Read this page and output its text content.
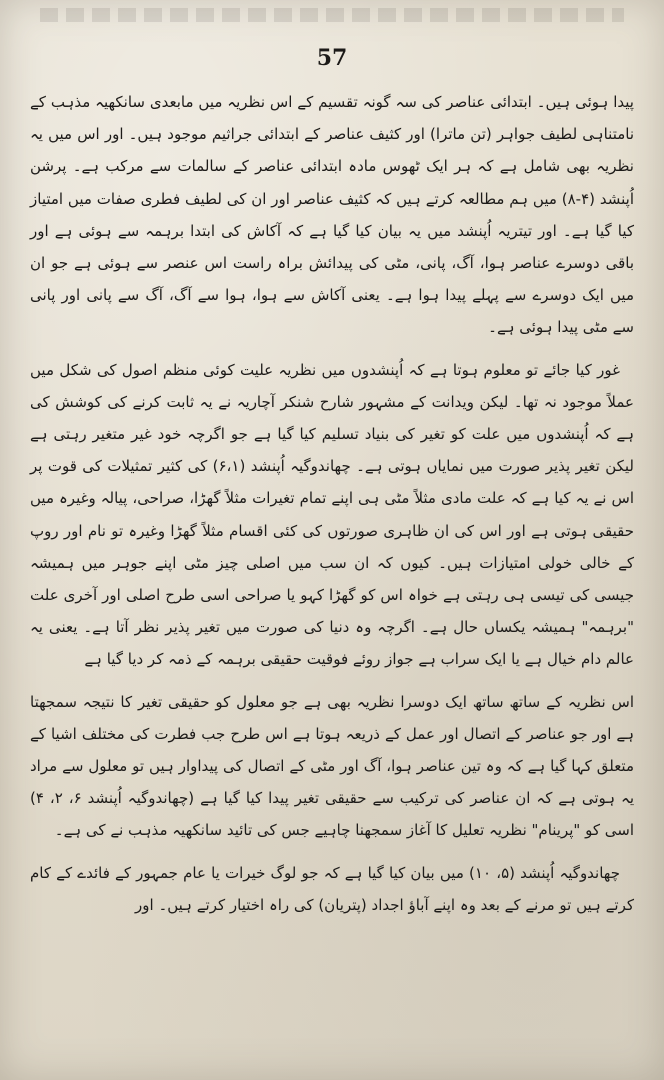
57

پیدا ہوئی ہیں۔ ابتدائی عناصر کی سہ گونہ تقسیم کے اس نظریہ میں مابعدی سانکھیہ مذہب کے نامتناہی لطیف جواہر (تن ماترا) اور کثیف عناصر کے ابتدائی جراثیم موجود ہیں۔ اور اس میں یہ نظریہ بھی شامل ہے کہ ہر ایک ٹھوس مادہ ابتدائی عناصر کے سالمات سے مرکب ہے۔ پرشن اُپنشد (۴-۸) میں ہم مطالعہ کرتے ہیں کہ کثیف عناصر اور ان کی لطیف فطری صفات میں امتیاز کیا گیا ہے۔ اور تیتریہ اُپنشد میں یہ بیان کیا گیا ہے کہ آکاش کی ابتدا برہمہ سے ہوئی ہے اور باقی دوسرے عناصر ہوا، آگ، پانی، مٹی کی پیدائش براہ راست اس عنصر سے ہوئی ہے جو ان میں ایک دوسرے سے پہلے پیدا ہوا ہے۔ یعنی آکاش سے ہوا، ہوا سے آگ، آگ سے پانی اور پانی سے مٹی پیدا ہوئی ہے۔

غور کیا جائے تو معلوم ہوتا ہے کہ اُپنشدوں میں نظریہ علیت کوئی منظم اصول کی شکل میں عملاً موجود نہ تھا۔ لیکن ویدانت کے مشہور شارح شنکر آچاریہ نے یہ ثابت کرنے کی کوشش کی ہے کہ اُپنشدوں میں علت کو تغیر کی بنیاد تسلیم کیا گیا ہے جو اگرچہ خود غیر متغیر رہتی ہے لیکن تغیر پذیر صورت میں نمایاں ہوتی ہے۔ چھاندوگیہ اُپنشد (۶،۱) کی کثیر تمثیلات کی قوت پر اس نے یہ کیا ہے کہ علت مادی مثلاً مٹی ہی اپنے تمام تغیرات مثلاً گھڑا، صراحی، پیالہ وغیرہ میں حقیقی ہوتی ہے اور اس کی ان ظاہری صورتوں کی کئی اقسام مثلاً گھڑا وغیرہ تو نام اور روپ کے خالی خولی امتیازات ہیں۔ کیوں کہ ان سب میں اصلی چیز مٹی اپنے جوہر میں ہمیشہ جیسی کی تیسی ہی رہتی ہے خواہ اس کو گھڑا کہو یا صراحی اسی طرح اصلی اور آخری علت "برہمہ" ہمیشہ یکساں حال ہے۔ اگرچہ وہ دنیا کی صورت میں تغیر پذیر نظر آتا ہے۔ یعنی یہ عالم دام خیال ہے یا ایک سراب ہے جواز روئے فوقیت حقیقی برہمہ کے ذمہ کر دیا گیا ہے

اس نظریہ کے ساتھ ساتھ ایک دوسرا نظریہ بھی ہے جو معلول کو حقیقی تغیر کا نتیجہ سمجھتا ہے اور جو عناصر کے اتصال اور عمل کے ذریعہ ہوتا ہے اس طرح جب فطرت کی مختلف اشیا کے متعلق کہا گیا ہے کہ وہ تین عناصر ہوا، آگ اور مٹی کے اتصال کی پیداوار ہیں تو معلول سے مراد یہ ہوتی ہے کہ ان عناصر کی ترکیب سے حقیقی تغیر پیدا کیا گیا ہے (چھاندوگیہ اُپنشد ۶، ۲، ۴) اسی کو "پرینام" نظریہ تعلیل کا آغاز سمجھنا چاہیے جس کی تائید سانکھیہ مذہب نے کی ہے۔

چھاندوگیہ اُپنشد (۵، ۱۰) میں بیان کیا گیا ہے کہ جو لوگ خیرات یا عام جمہور کے فائدے کے کام کرتے ہیں تو مرنے کے بعد وہ اپنے آباؤ اجداد (پتریان) کی راہ اختیار کرتے ہیں۔ اور
